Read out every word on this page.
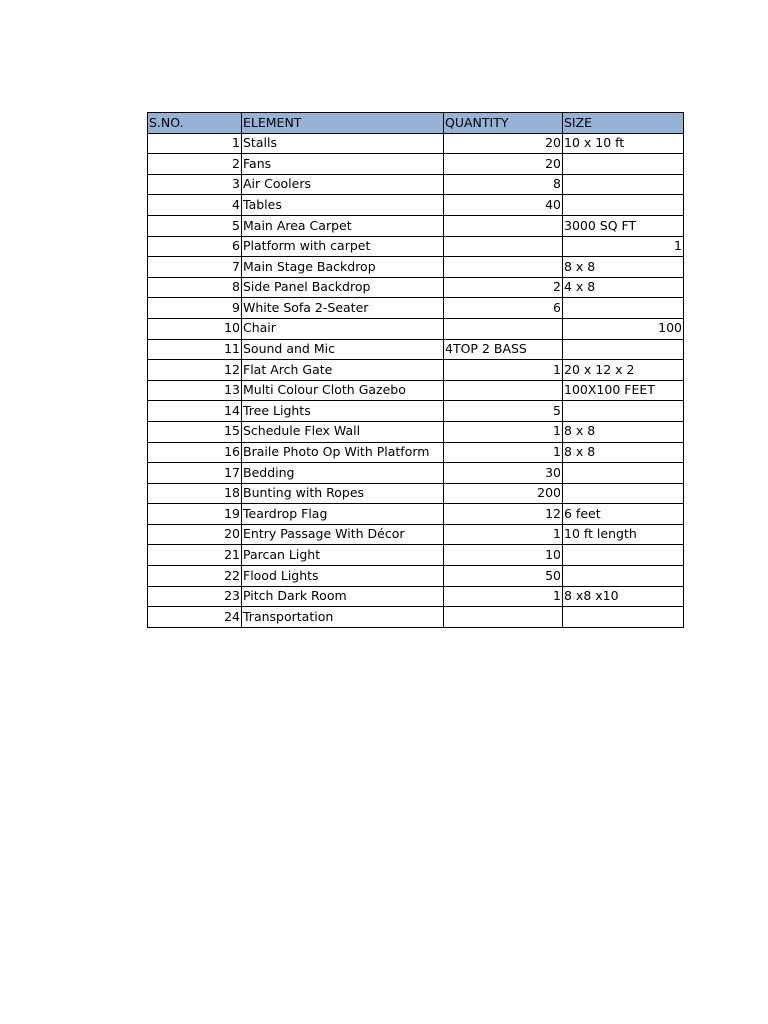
S.NO.	ELEMENT	QUANTITY	SIZE
1	Stalls	20	10 x 10 ft
2	Fans	20	
3	Air Coolers	8	
4	Tables	40	
5	Main Area Carpet		3000 SQ FT
6	Platform with carpet		1
7	Main Stage Backdrop		8 x 8
8	Side Panel Backdrop	2	4 x 8
9	White Sofa 2-Seater	6	
10	Chair		100
11	Sound and Mic	4TOP 2 BASS	
12	Flat Arch Gate	1	20 x 12 x 2
13	Multi Colour Cloth Gazebo		100X100 FEET
14	Tree Lights	5	
15	Schedule Flex Wall	1	8 x 8
16	Braile Photo Op With Platform	1	8 x 8
17	Bedding	30	
18	Bunting with Ropes	200	
19	Teardrop Flag	12	6 feet
20	Entry Passage With Décor	1	10 ft length
21	Parcan Light	10	
22	Flood Lights	50	
23	Pitch Dark Room	1	8 x8 x10
24	Transportation		
